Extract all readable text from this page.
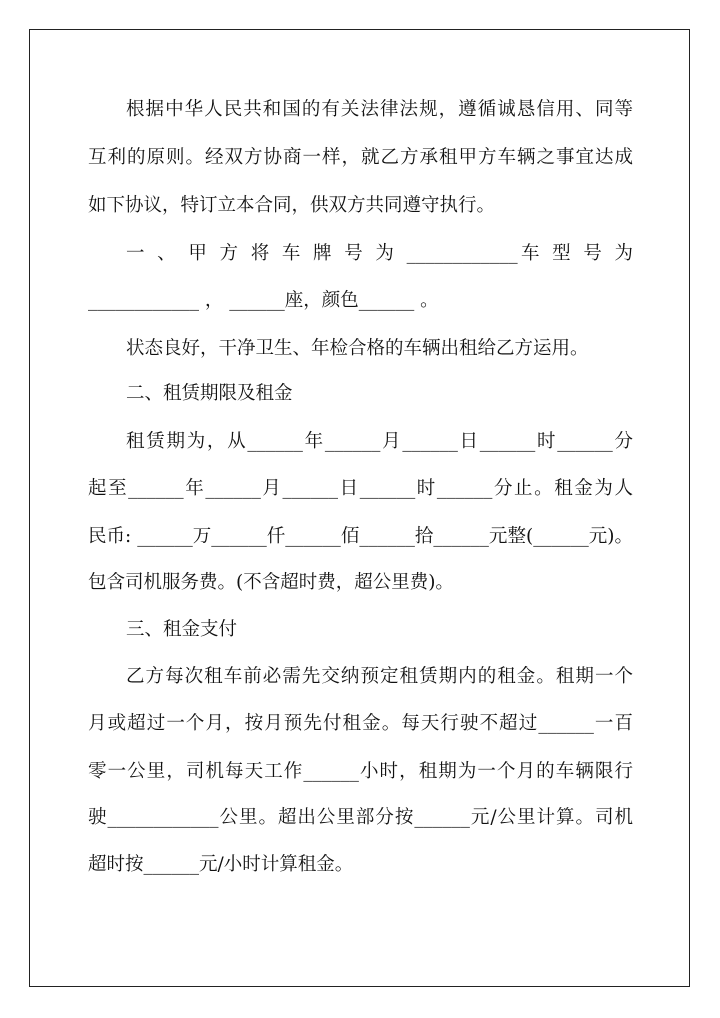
根据中华人民共和国的有关法律法规，遵循诚恳信用、同等
互利的原则。经双方协商一样，就乙方承租甲方车辆之事宜达成
如下协议，特订立本合同，供双方共同遵守执行。
一 、 甲 方 将 车 牌 号 为 ____________车 型 号 为
____________ ， ______座，颜色______ 。
状态良好，干净卫生、年检合格的车辆出租给乙方运用。
二、租赁期限及租金
租赁期为，从______年______月______日______时______分
起至______年______月______日______时______分止。租金为人
民币: ______万______仟______佰______拾______元整(______元)。
包含司机服务费。(不含超时费，超公里费)。
三、租金支付
乙方每次租车前必需先交纳预定租赁期内的租金。租期一个
月或超过一个月，按月预先付租金。每天行驶不超过______一百
零一公里，司机每天工作______小时，租期为一个月的车辆限行
驶____________公里。超出公里部分按______元/公里计算。司机
超时按______元/小时计算租金。
